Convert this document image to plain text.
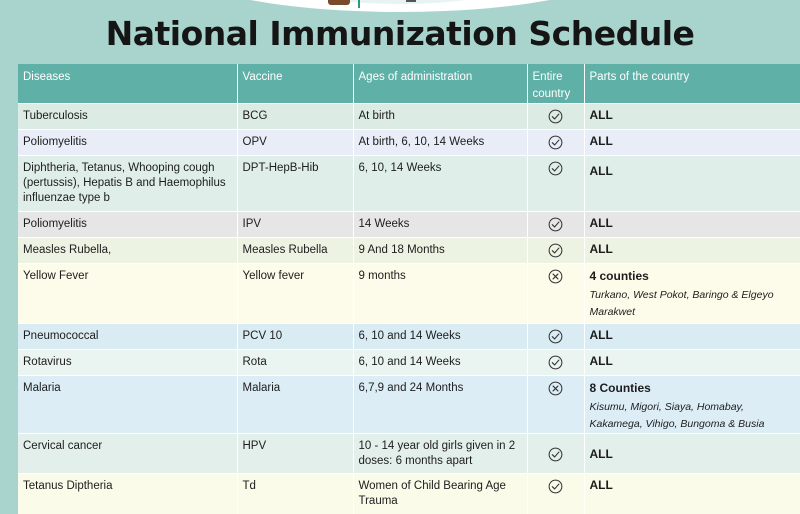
National Immunization Schedule
Diseases	Vaccine	Ages of administration	Entire country	Parts of the country
Tuberculosis	BCG	At birth		ALL
Poliomyelitis	OPV	At birth, 6, 10, 14 Weeks		ALL
Diphtheria, Tetanus, Whooping cough (pertussis), Hepatis B and Haemophilus influenzae type b	DPT-HepB-Hib	6, 10, 14 Weeks		ALL
Poliomyelitis	IPV	14 Weeks		ALL
Measles Rubella,	Measles Rubella	9 And 18 Months		ALL
Yellow Fever	Yellow fever	9 months		4 counties
Turkano, West Pokot, Baringo & Elgeyo Marakwet

Pneumococcal	PCV 10	6, 10 and 14 Weeks		ALL
Rotavirus	Rota	6, 10 and 14 Weeks		ALL
Malaria	Malaria	6,7,9 and 24 Months		8 Counties
Kisumu, Migori, Siaya, Homabay, Kakamega, Vihigo, Bungoma & Busia

Cervical cancer	HPV	10 - 14 year old girls given in 2 doses: 6 months apart		ALL
Tetanus Diptheria	Td	Women of Child Bearing Age Trauma		ALL
